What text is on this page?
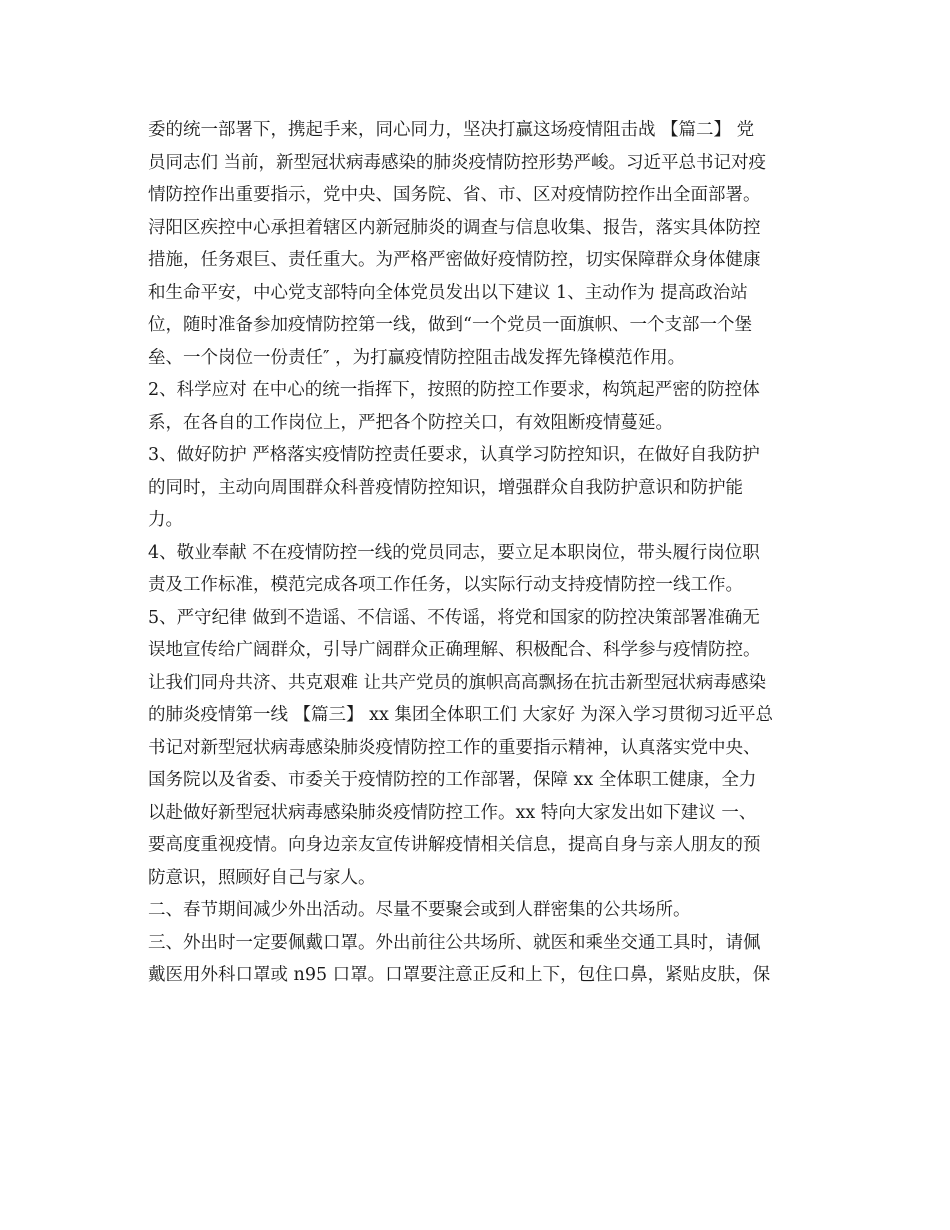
委的统一部署下，携起手来，同心同力，坚决打赢这场疫情阻击战 【篇二】 党
员同志们 当前，新型冠状病毒感染的肺炎疫情防控形势严峻。习近平总书记对疫
情防控作出重要指示，党中央、国务院、省、市、区对疫情防控作出全面部署。
浔阳区疾控中心承担着辖区内新冠肺炎的调查与信息收集、报告，落实具体防控
措施，任务艰巨、责任重大。为严格严密做好疫情防控，切实保障群众身体健康
和生命平安，中心党支部特向全体党员发出以下建议 1、主动作为 提高政治站
位，随时准备参加疫情防控第一线，做到“一个党员一面旗帜、一个支部一个堡
垒、一个岗位一份责任″ ，为打赢疫情防控阻击战发挥先锋模范作用。
2、科学应对 在中心的统一指挥下，按照的防控工作要求，构筑起严密的防控体
系，在各自的工作岗位上，严把各个防控关口，有效阻断疫情蔓延。
3、做好防护 严格落实疫情防控责任要求，认真学习防控知识，在做好自我防护
的同时，主动向周围群众科普疫情防控知识，增强群众自我防护意识和防护能
力。
4、敬业奉献 不在疫情防控一线的党员同志，要立足本职岗位，带头履行岗位职
责及工作标准，模范完成各项工作任务，以实际行动支持疫情防控一线工作。
5、严守纪律 做到不造谣、不信谣、不传谣，将党和国家的防控决策部署准确无
误地宣传给广阔群众，引导广阔群众正确理解、积极配合、科学参与疫情防控。
让我们同舟共济、共克艰难 让共产党员的旗帜高高飘扬在抗击新型冠状病毒感染
的肺炎疫情第一线 【篇三】 xx 集团全体职工们 大家好 为深入学习贯彻习近平总
书记对新型冠状病毒感染肺炎疫情防控工作的重要指示精神，认真落实党中央、
国务院以及省委、市委关于疫情防控的工作部署，保障 xx 全体职工健康，全力
以赴做好新型冠状病毒感染肺炎疫情防控工作。xx 特向大家发出如下建议 一、
要高度重视疫情。向身边亲友宣传讲解疫情相关信息，提高自身与亲人朋友的预
防意识，照顾好自己与家人。
二、春节期间减少外出活动。尽量不要聚会或到人群密集的公共场所。
三、外出时一定要佩戴口罩。外出前往公共场所、就医和乘坐交通工具时，请佩
戴医用外科口罩或 n95 口罩。口罩要注意正反和上下，包住口鼻，紧贴皮肤，保
